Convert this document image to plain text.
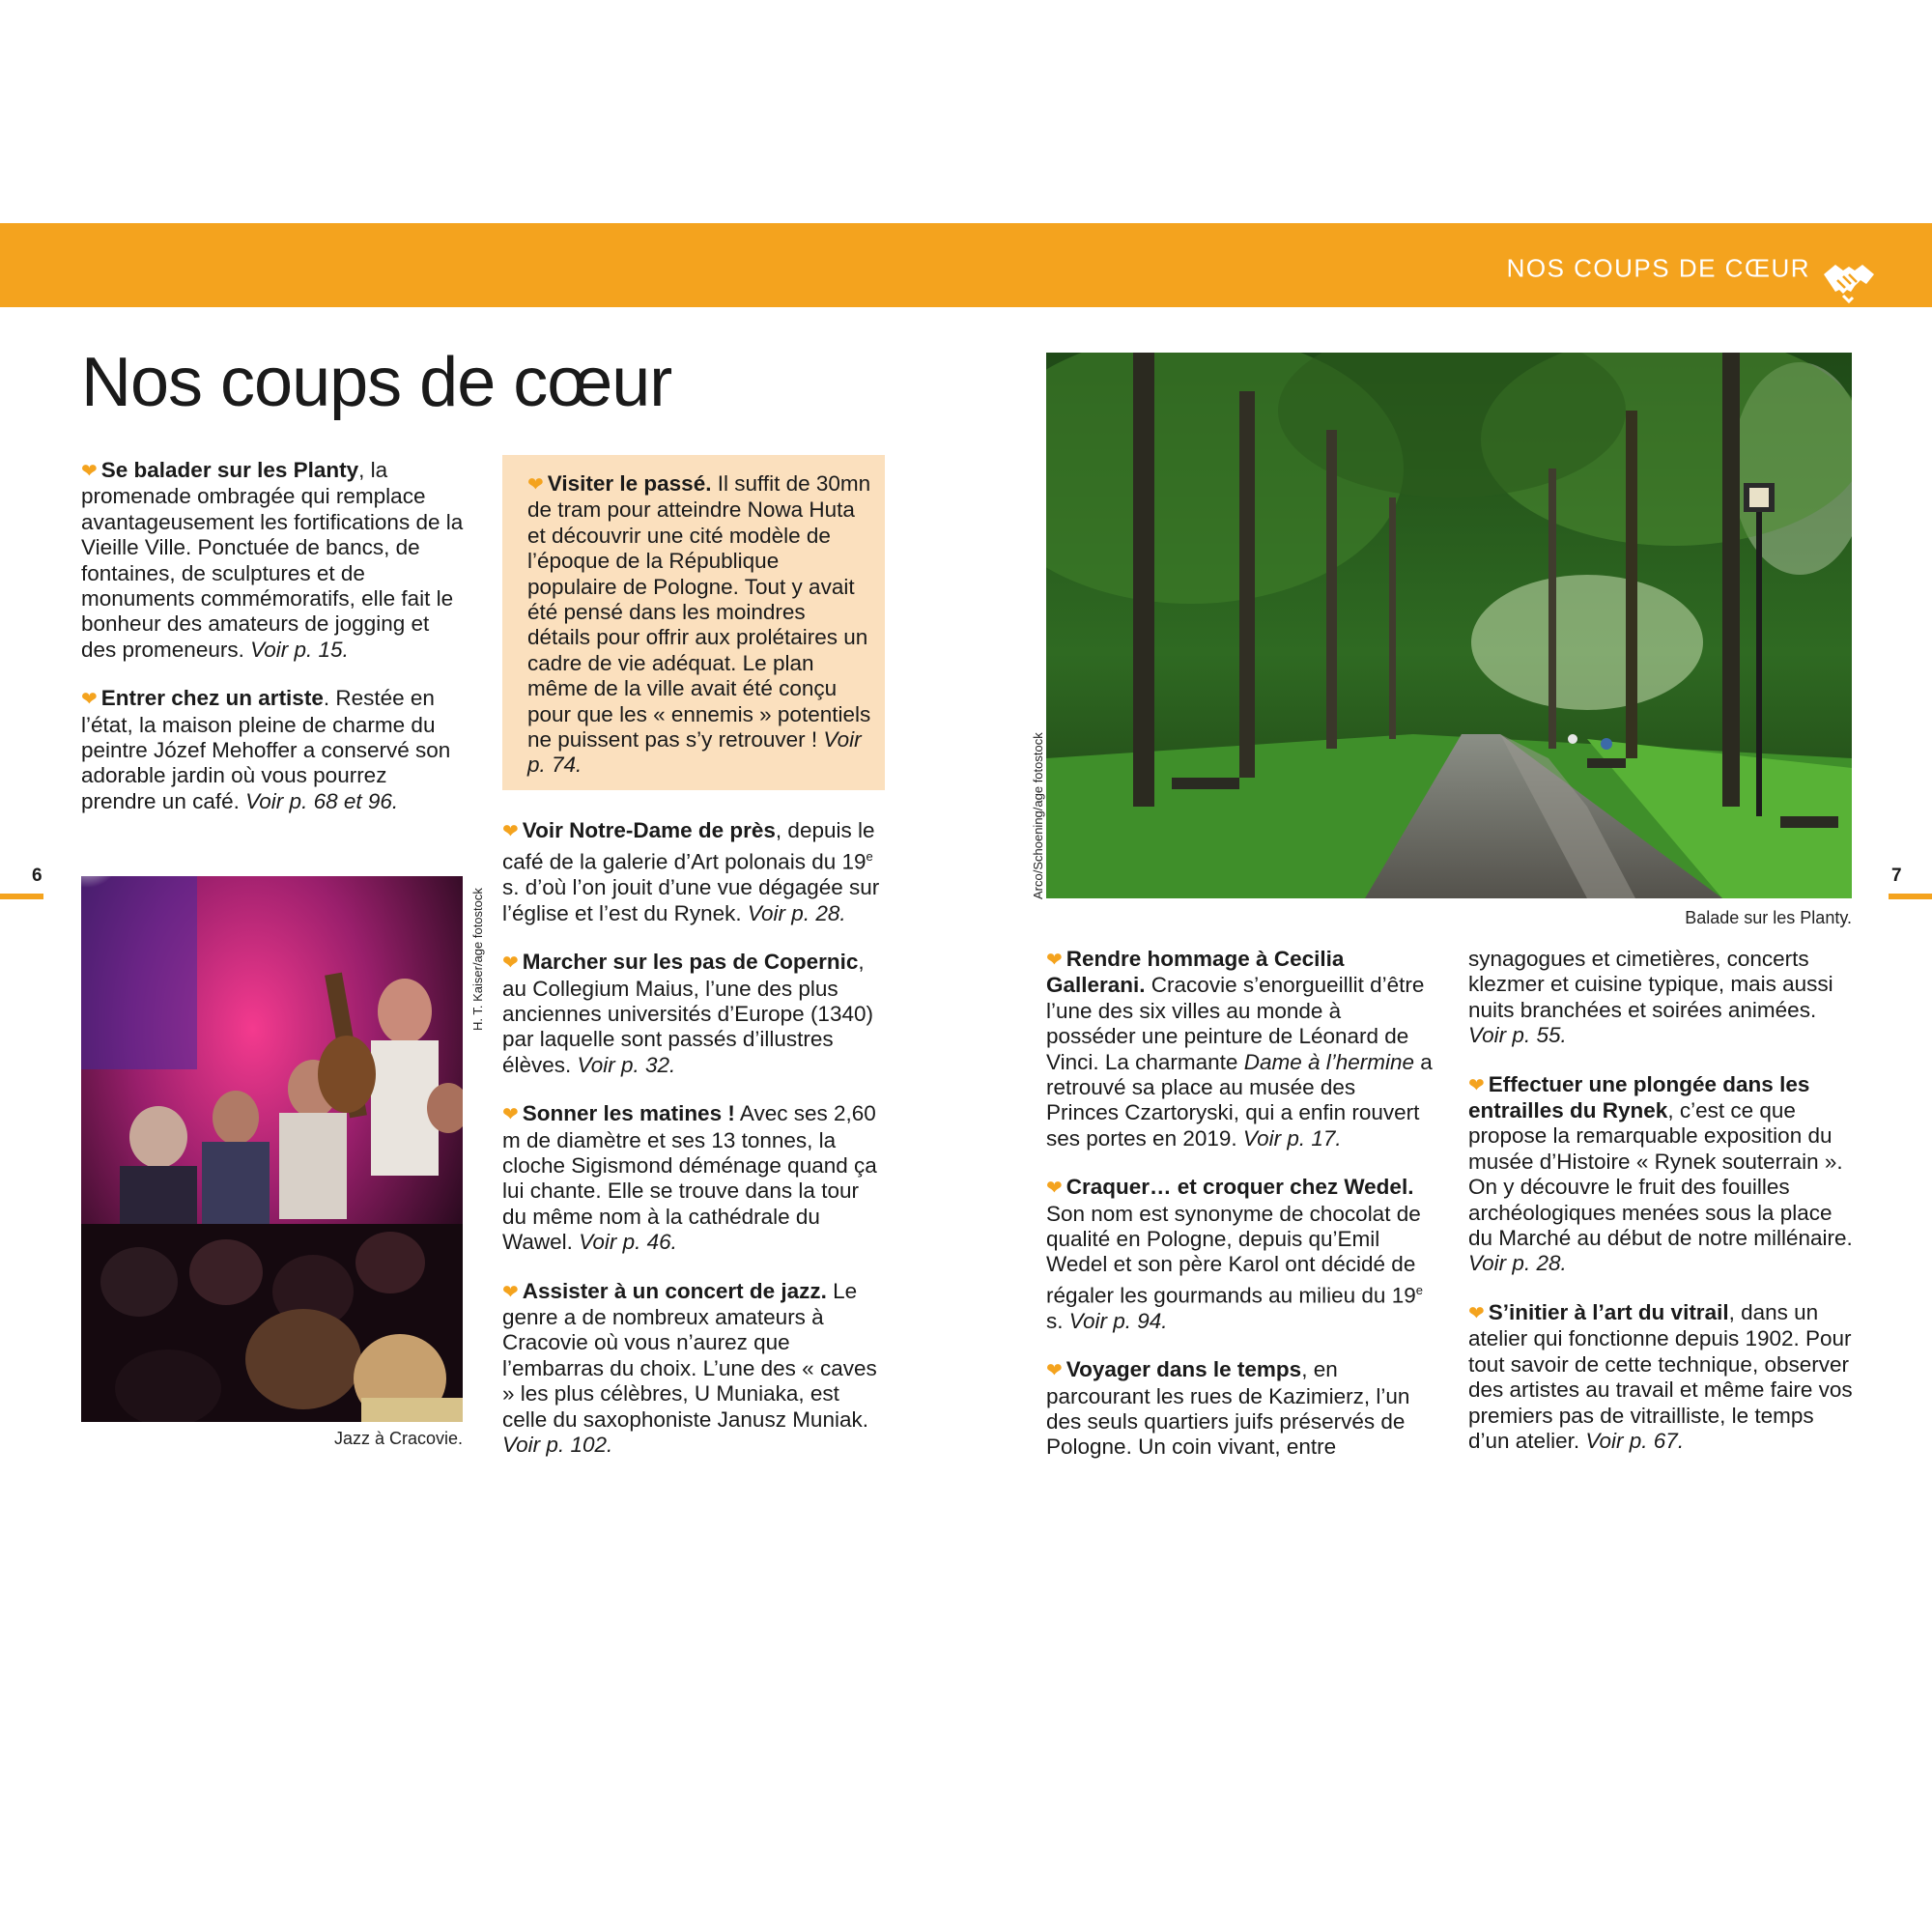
NOS COUPS DE CŒUR
Nos coups de cœur

❤ Se balader sur les Planty, la promenade ombragée qui remplace avantageusement les fortifications de la Vieille Ville. Ponctuée de bancs, de fontaines, de sculptures et de monuments commémoratifs, elle fait le bonheur des amateurs de jogging et des promeneurs. Voir p. 15.

❤ Entrer chez un artiste. Restée en l’état, la maison pleine de charme du peintre Józef Mehoffer a conservé son adorable jardin où vous pourrez prendre un café. Voir p. 68 et 96.

❤ Visiter le passé. Il suffit de 30mn de tram pour atteindre Nowa Huta et découvrir une cité modèle de l’époque de la République populaire de Pologne. Tout y avait été pensé dans les moindres détails pour offrir aux prolétaires un cadre de vie adéquat. Le plan même de la ville avait été conçu pour que les « ennemis » potentiels ne puissent pas s’y retrouver ! Voir p. 74.

❤ Voir Notre-Dame de près, depuis le café de la galerie d’Art polonais du 19e s. d’où l’on jouit d’une vue dégagée sur l’église et l’est du Rynek. Voir p. 28.

❤ Marcher sur les pas de Copernic, au Collegium Maius, l’une des plus anciennes universités d’Europe (1340) par laquelle sont passés d’illustres élèves. Voir p. 32.

❤ Sonner les matines ! Avec ses 2,60 m de diamètre et ses 13 tonnes, la cloche Sigismond déménage quand ça lui chante. Elle se trouve dans la tour du même nom à la cathédrale du Wawel. Voir p. 46.

❤ Assister à un concert de jazz. Le genre a de nombreux amateurs à Cracovie où vous n’aurez que l’embarras du choix. L’une des « caves » les plus célèbres, U Muniaka, est celle du saxophoniste Janusz Muniak. Voir p. 102.

H. T. Kaiser/age fotostock
Jazz à Cracovie.
Arco/Schoening/age fotostock
Balade sur les Planty.

❤ Rendre hommage à Cecilia Gallerani. Cracovie s’enorgueillit d’être l’une des six villes au monde à posséder une peinture de Léonard de Vinci. La charmante Dame à l’hermine a retrouvé sa place au musée des Princes Czartoryski, qui a enfin rouvert ses portes en 2019. Voir p. 17.

❤ Craquer… et croquer chez Wedel. Son nom est synonyme de chocolat de qualité en Pologne, depuis qu’Emil Wedel et son père Karol ont décidé de régaler les gourmands au milieu du 19e s. Voir p. 94.

❤ Voyager dans le temps, en parcourant les rues de Kazimierz, l’un des seuls quartiers juifs préservés de Pologne. Un coin vivant, entre

synagogues et cimetières, concerts klezmer et cuisine typique, mais aussi nuits branchées et soirées animées. Voir p. 55.

❤ Effectuer une plongée dans les entrailles du Rynek, c’est ce que propose la remarquable exposition du musée d’Histoire « Rynek souterrain ». On y découvre le fruit des fouilles archéologiques menées sous la place du Marché au début de notre millénaire. Voir p. 28.

❤ S’initier à l’art du vitrail, dans un atelier qui fonctionne depuis 1902. Pour tout savoir de cette technique, observer des artistes au travail et même faire vos premiers pas de vitrailliste, le temps d’un atelier. Voir p. 67.

6	7
